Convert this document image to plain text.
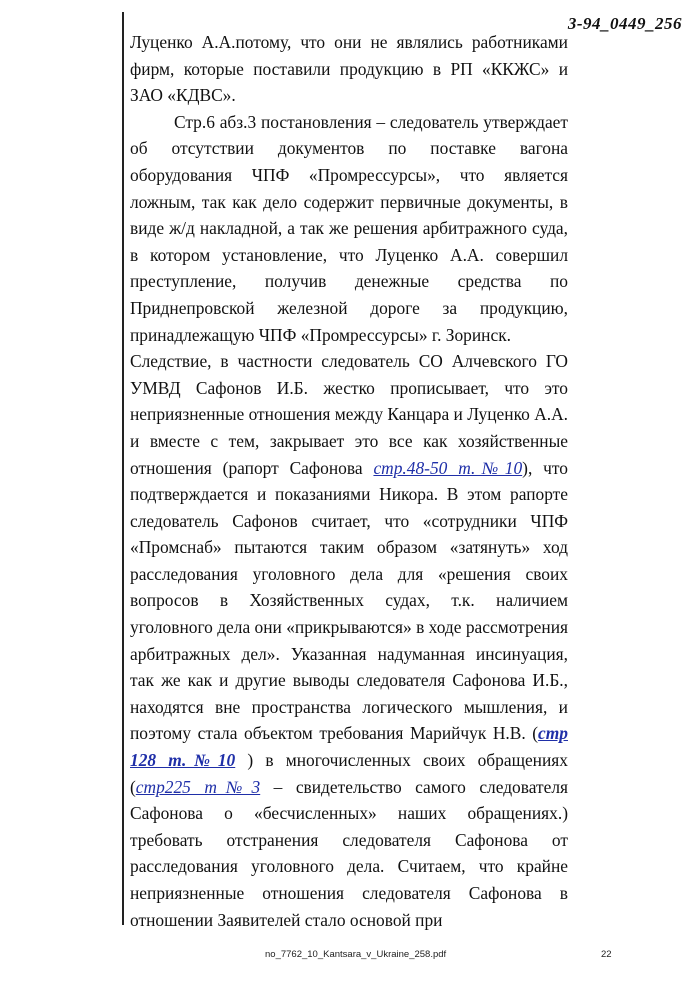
3-94_0449_256

Луценко А.А.потому, что они не являлись работниками фирм, которые поставили продукцию в РП «ККЖС» и ЗАО «КДВС».

Стр.6 абз.3 постановления – следователь утверждает об отсутствии документов по поставке вагона оборудования ЧПФ «Промрессурсы», что является ложным, так как дело содержит первичные документы, в виде ж/д накладной, а так же решения арбитражного суда, в котором установление, что Луценко А.А. совершил преступление, получив денежные средства по Приднепровской железной дороге за продукцию, принадлежащую ЧПФ «Промрессурсы» г. Зоринск.

Следствие, в частности следователь СО Алчевского ГО УМВД Сафонов И.Б. жестко прописывает, что это неприязненные отношения между Канцара и Луценко А.А. и вместе с тем, закрывает это все как хозяйственные отношения (рапорт Сафонова стр.48-50 т.№10), что подтверждается и показаниями Никора. В этом рапорте следователь Сафонов считает, что «сотрудники ЧПФ «Промснаб» пытаются таким образом «затянуть» ход расследования уголовного дела для «решения своих вопросов в Хозяйственных судах, т.к. наличием уголовного дела они «прикрываются» в ходе рассмотрения арбитражных дел». Указанная надуманная инсинуация, так же как и другие выводы следователя Сафонова И.Б., находятся вне пространства логического мышления, и поэтому стала объектом требования Марийчук Н.В. (стр 128 т.№10 ) в многочисленных своих обращениях (стр225 т№3 – свидетельство самого следователя Сафонова о «бесчисленных» наших обращениях.) требовать отстранения следователя Сафонова от расследования уголовного дела. Считаем, что крайне неприязненные отношения следователя Сафонова в отношении Заявителей стало основой при

no_7762_10_Kantsara_v_Ukraine_258.pdf	22
